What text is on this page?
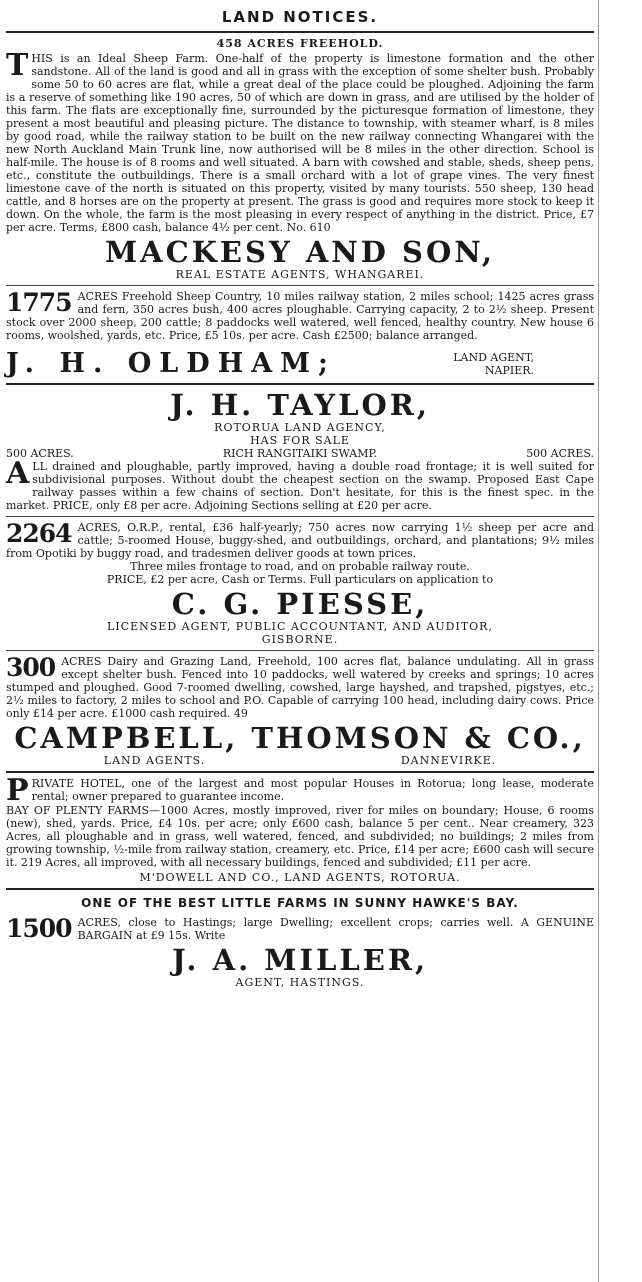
LAND NOTICES.
458 ACRES FREEHOLD.
THIS is an Ideal Sheep Farm. One-half of the property is limestone formation and the other sandstone. All of the land is good and all in grass with the exception of some shelter bush. Probably some 50 to 60 acres are flat, while a great deal of the place could be ploughed. Adjoining the farm is a reserve of something like 190 acres, 50 of which are down in grass, and are utilised by the holder of this farm. The flats are exceptionally fine, surrounded by the picturesque formation of limestone, they present a most beautiful and pleasing picture. The distance to township, with steamer wharf, is 8 miles by good road, while the railway station to be built on the new railway connecting Whangarei with the new North Auckland Main Trunk line, now authorised will be 8 miles in the other direction. School is half-mile. The house is of 8 rooms and well situated. A barn with cowshed and stable, sheds, sheep pens, etc., constitute the outbuildings. There is a small orchard with a lot of grape vines. The very finest limestone cave of the north is situated on this property, visited by many tourists. 550 sheep, 130 head cattle, and 8 horses are on the property at present. The grass is good and requires more stock to keep it down. On the whole, the farm is the most pleasing in every respect of anything in the district. Price, £7 per acre. Terms, £800 cash, balance 4½ per cent. No. 610
MACKESY AND SON,
REAL ESTATE AGENTS, WHANGAREI.
1775 ACRES Freehold Sheep Country, 10 miles railway station, 2 miles school; 1425 acres grass and fern, 350 acres bush, 400 acres ploughable. Carrying capacity, 2 to 2½ sheep. Present stock over 2000 sheep, 200 cattle; 8 paddocks well watered, well fenced, healthy country. New house 6 rooms, woolshed, yards, etc. Price, £5 10s. per acre. Cash £2500; balance arranged.
J. H. OLDHAM;	LAND AGENT,
NAPIER.
J. H. TAYLOR,
ROTORUA LAND AGENCY,
HAS FOR SALE
500 ACRES.	RICH RANGITAIKI SWAMP.	500 ACRES.
ALL drained and ploughable, partly improved, having a double road frontage; it is well suited for subdivisional purposes. Without doubt the cheapest section on the swamp. Proposed East Cape railway passes within a few chains of section. Don't hesitate, for this is the finest spec. in the market. PRICE, only £8 per acre. Adjoining Sections selling at £20 per acre.
2264 ACRES, O.R.P., rental, £36 half-yearly; 750 acres now carrying 1½ sheep per acre and cattle; 5-roomed House, buggy-shed, and outbuildings, orchard, and plantations; 9½ miles from Opotiki by buggy road, and tradesmen deliver goods at town prices.
Three miles frontage to road, and on probable railway route.
PRICE, £2 per acre, Cash or Terms. Full particulars on application to
C. G. PIESSE,
LICENSED AGENT, PUBLIC ACCOUNTANT, AND AUDITOR,
GISBORNE.
300 ACRES Dairy and Grazing Land, Freehold, 100 acres flat, balance undulating. All in grass except shelter bush. Fenced into 10 paddocks, well watered by creeks and springs; 10 acres stumped and ploughed. Good 7-roomed dwelling, cowshed, large hayshed, and trapshed, pigstyes, etc.; 2½ miles to factory, 2 miles to school and P.O. Capable of carrying 100 head, including dairy cows. Price only £14 per acre. £1000 cash required. 49
CAMPBELL, THOMSON & CO.,
LAND AGENTS.	DANNEVIRKE.
PRIVATE HOTEL, one of the largest and most popular Houses in Rotorua; long lease, moderate rental; owner prepared to guarantee income.
BAY OF PLENTY FARMS—1000 Acres, mostly improved, river for miles on boundary; House, 6 rooms (new), shed, yards. Price, £4 10s. per acre; only £600 cash, balance 5 per cent.. Near creamery, 323 Acres, all ploughable and in grass, well watered, fenced, and subdivided; no buildings; 2 miles from growing township, ½-mile from railway station, creamery, etc. Price, £14 per acre; £600 cash will secure it. 219 Acres, all improved, with all necessary buildings, fenced and subdivided; £11 per acre.
M'DOWELL AND CO., LAND AGENTS, ROTORUA.
ONE OF THE BEST LITTLE FARMS IN SUNNY HAWKE'S BAY.
1500 ACRES, close to Hastings; large Dwelling; excellent crops; carries well. A GENUINE BARGAIN at £9 15s. Write
J. A. MILLER,
AGENT, HASTINGS.
